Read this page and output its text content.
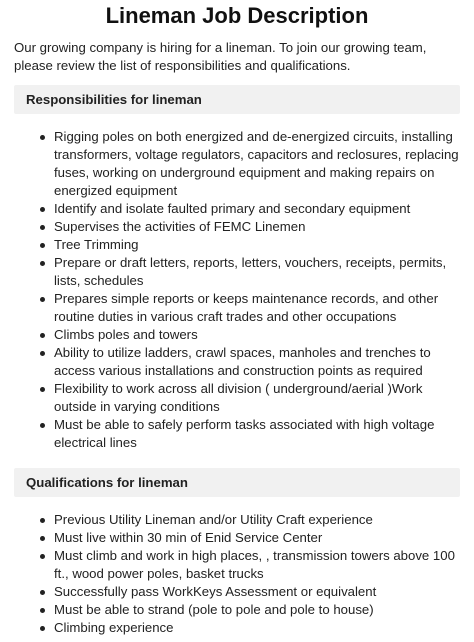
Lineman Job Description

Our growing company is hiring for a lineman. To join our growing team, please review the list of responsibilities and qualifications.

Responsibilities for lineman
Rigging poles on both energized and de-energized circuits, installing transformers, voltage regulators, capacitors and reclosures, replacing fuses, working on underground equipment and making repairs on energized equipment
Identify and isolate faulted primary and secondary equipment
Supervises the activities of FEMC Linemen
Tree Trimming
Prepare or draft letters, reports, letters, vouchers, receipts, permits, lists, schedules
Prepares simple reports or keeps maintenance records, and other routine duties in various craft trades and other occupations
Climbs poles and towers
Ability to utilize ladders, crawl spaces, manholes and trenches to access various installations and construction points as required
Flexibility to work across all division ( underground/aerial )Work outside in varying conditions
Must be able to safely perform tasks associated with high voltage electrical lines
Qualifications for lineman
Previous Utility Lineman and/or Utility Craft experience
Must live within 30 min of Enid Service Center
Must climb and work in high places, , transmission towers above 100 ft., wood power poles, basket trucks
Successfully pass WorkKeys Assessment or equivalent
Must be able to strand (pole to pole and pole to house)
Climbing experience
